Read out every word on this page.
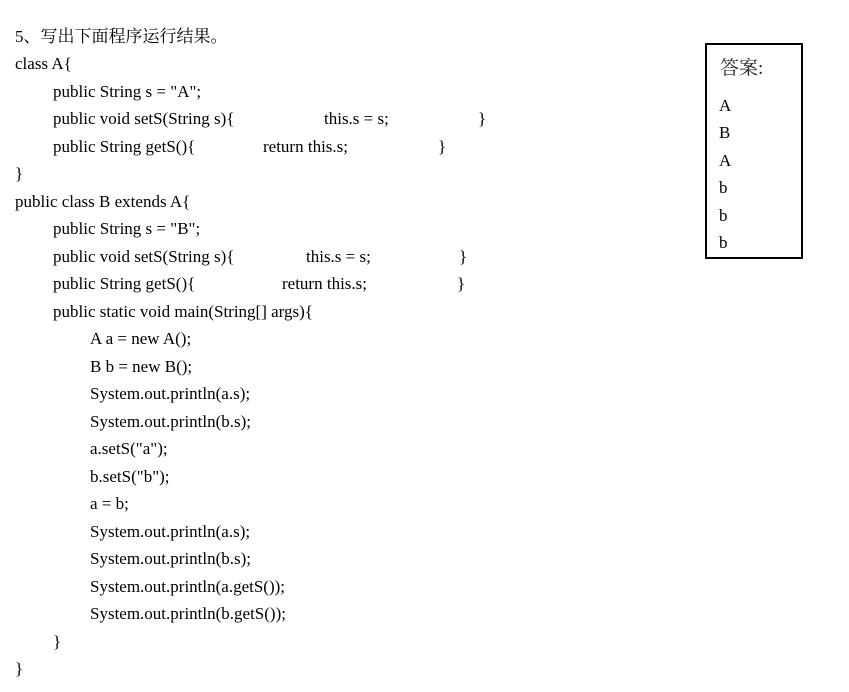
5、写出下面程序运行结果。
class A{
public String s = "A";
public void setS(String s){	this.s = s;	}
public String getS(){	return this.s;	}
}
public class B extends A{
public String s = "B";
public void setS(String s){	this.s = s;	}
public String getS(){	return this.s;	}
public static void main(String[] args){
A a = new A();
B b = new B();
System.out.println(a.s);
System.out.println(b.s);
a.setS("a");
b.setS("b");
a = b;
System.out.println(a.s);
System.out.println(b.s);
System.out.println(a.getS());
System.out.println(b.getS());
}
}
答案:
A
B
A
b
b
b
